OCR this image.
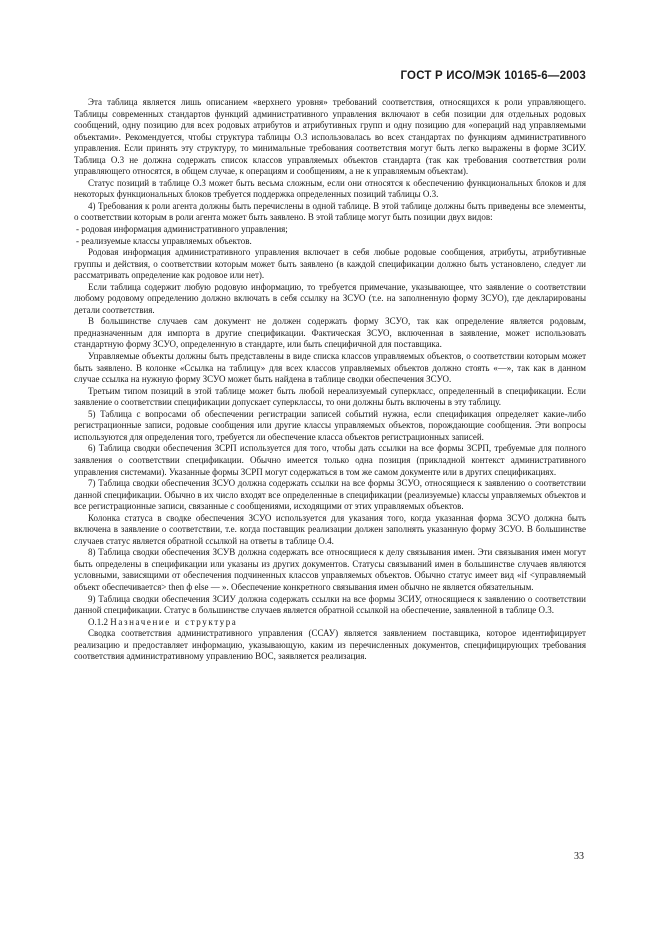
ГОСТ Р ИСО/МЭК 10165-6—2003

Эта таблица является лишь описанием «верхнего уровня» требований соответствия, относящихся к роли управляющего. Таблицы современных стандартов функций административного управления включают в себя позиции для отдельных родовых сообщений, одну позицию для всех родовых атрибутов и атрибутивных групп и одну позицию для «операций над управляемыми объектами». Рекомендуется, чтобы структура таблицы О.3 использовалась во всех стандартах по функциям административного управления. Если принять эту структуру, то минимальные требования соответствия могут быть легко выражены в форме ЗСИУ. Таблица О.3 не должна содержать список классов управляемых объектов стандарта (так как требования соответствия роли управляющего относятся, в общем случае, к операциям и сообщениям, а не к управляемым объектам).

Статус позиций в таблице О.3 может быть весьма сложным, если они относятся к обеспечению функциональных блоков и для некоторых функциональных блоков требуется поддержка определенных позиций таблицы О.3.

4) Требования к роли агента должны быть перечислены в одной таблице. В этой таблице должны быть приведены все элементы, о соответствии которым в роли агента может быть заявлено. В этой таблице могут быть позиции двух видов:

- родовая информация административного управления;

- реализуемые классы управляемых объектов.

Родовая информация административного управления включает в себя любые родовые сообщения, атрибуты, атрибутивные группы и действия, о соответствии которым может быть заявлено (в каждой спецификации должно быть установлено, следует ли рассматривать определение как родовое или нет).

Если таблица содержит любую родовую информацию, то требуется примечание, указывающее, что заявление о соответствии любому родовому определению должно включать в себя ссылку на ЗСУО (т.е. на заполненную форму ЗСУО), где декларированы детали соответствия.

В большинстве случаев сам документ не должен содержать форму ЗСУО, так как определение является родовым, предназначенным для импорта в другие спецификации. Фактическая ЗСУО, включенная в заявление, может использовать стандартную форму ЗСУО, определенную в стандарте, или быть специфичной для поставщика.

Управляемые объекты должны быть представлены в виде списка классов управляемых объектов, о соответствии которым может быть заявлено. В колонке «Ссылка на таблицу» для всех классов управляемых объектов должно стоять «—», так как в данном случае ссылка на нужную форму ЗСУО может быть найдена в таблице сводки обеспечения ЗСУО.

Третьим типом позиций в этой таблице может быть любой нереализуемый суперкласс, определенный в спецификации. Если заявление о соответствии спецификации допускает суперклассы, то они должны быть включены в эту таблицу.

5) Таблица с вопросами об обеспечении регистрации записей событий нужна, если спецификация определяет какие-либо регистрационные записи, родовые сообщения или другие классы управляемых объектов, порождающие сообщения. Эти вопросы используются для определения того, требуется ли обеспечение класса объектов регистрационных записей.

6) Таблица сводки обеспечения ЗСРП используется для того, чтобы дать ссылки на все формы ЗСРП, требуемые для полного заявления о соответствии спецификации. Обычно имеется только одна позиция (прикладной контекст административного управления системами). Указанные формы ЗСРП могут содержаться в том же самом документе или в других спецификациях.

7) Таблица сводки обеспечения ЗСУО должна содержать ссылки на все формы ЗСУО, относящиеся к заявлению о соответствии данной спецификации. Обычно в их число входят все определенные в спецификации (реализуемые) классы управляемых объектов и все регистрационные записи, связанные с сообщениями, исходящими от этих управляемых объектов.

Колонка статуса в сводке обеспечения ЗСУО используется для указания того, когда указанная форма ЗСУО должна быть включена в заявление о соответствии, т.е. когда поставщик реализации должен заполнять указанную форму ЗСУО. В большинстве случаев статус является обратной ссылкой на ответы в таблице О.4.

8) Таблица сводки обеспечения ЗСУВ должна содержать все относящиеся к делу связывания имен. Эти связывания имен могут быть определены в спецификации или указаны из других документов. Статусы связываний имен в большинстве случаев являются условными, зависящими от обеспечения подчиненных классов управляемых объектов. Обычно статус имеет вид «if <управляемый объект обеспечивается> then ф else — ». Обеспечение конкретного связывания имен обычно не является обязательным.

9) Таблица сводки обеспечения ЗСИУ должна содержать ссылки на все формы ЗСИУ, относящиеся к заявлению о соответствии данной спецификации. Статус в большинстве случаев является обратной ссылкой на обеспечение, заявленной в таблице О.3.

О.1.2 Назначение и структура

Сводка соответствия административного управления (ССАУ) является заявлением поставщика, которое идентифицирует реализацию и предоставляет информацию, указывающую, каким из перечисленных документов, специфицирующих требования соответствия административному управлению ВОС, заявляется реализация.

33
